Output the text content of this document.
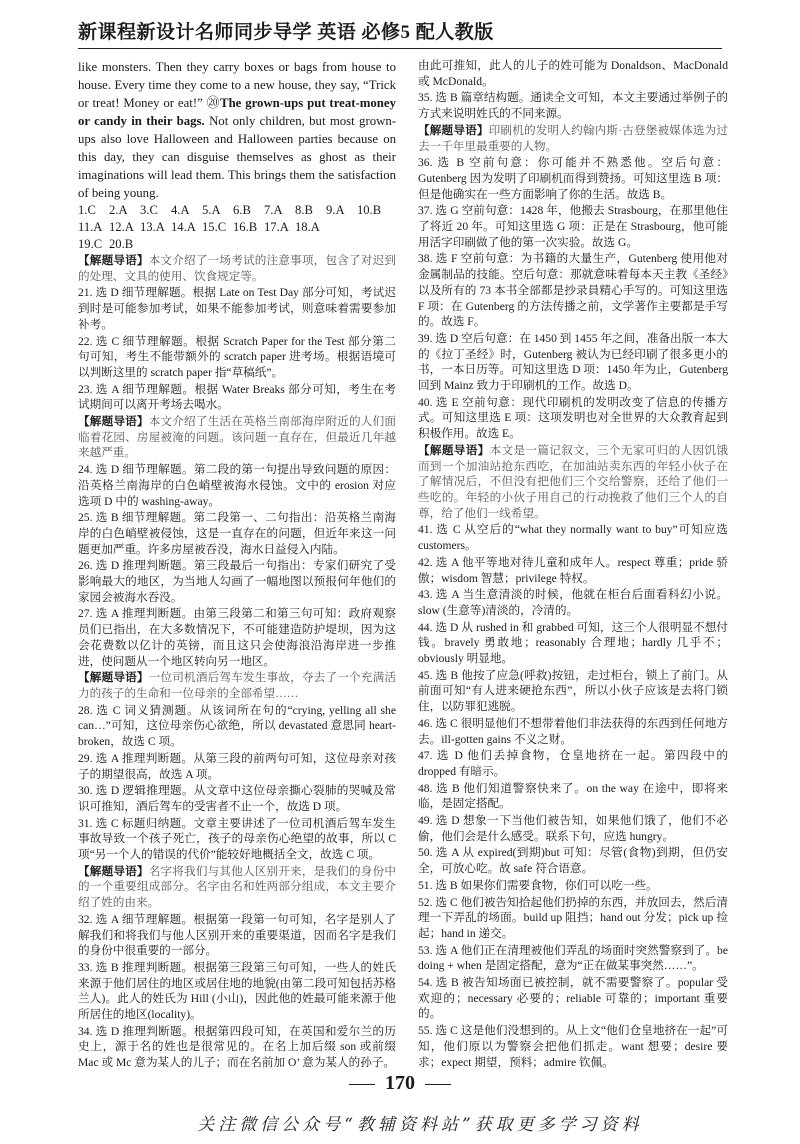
新课程新设计名师同步导学 英语 必修5 配人教版

like monsters. Then they carry boxes or bags from house to house. Every time they come to a new house, they say, “Trick or treat! Money or eat!” ⑳The grown-ups put treat-money or candy in their bags. Not only children, but most grown-ups also love Halloween and Halloween parties because on this day, they can disguise themselves as ghost as their imaginations will lead them. This brings them the satisfaction of being young.

1.C 2.A 3.C 4.A 5.A 6.B 7.A 8.B 9.A 10.B
11.A 12.A 13.A 14.A 15.C 16.B 17.A 18.A
19.C 20.B

【解题导语】本文介绍了一场考试的注意事项，包含了对迟到的处理、文具的使用、饮食规定等。

21. 选 D 细节理解题。根据 Late on Test Day 部分可知，考试迟到时是可能参加考试，如果不能参加考试，则意味着需要参加补考。

22. 选 C 细节理解题。根据 Scratch Paper for the Test 部分第二句可知，考生不能带额外的 scratch paper 进考场。根据语境可以判断这里的 scratch paper 指“草稿纸”。

23. 选 A 细节理解题。根据 Water Breaks 部分可知，考生在考试期间可以离开考场去喝水。

【解题导语】本文介绍了生活在英格兰南部海岸附近的人们面临着花园、房屋被淹的问题。该问题一直存在，但最近几年越来越严重。

24. 选 D 细节理解题。第二段的第一句提出导致问题的原因：沿英格兰南海岸的白色峭壁被海水侵蚀。文中的 erosion 对应选项 D 中的 washing-away。

25. 选 B 细节理解题。第二段第一、二句指出：沿英格兰南海岸的白色峭壁被侵蚀，这是一直存在的问题，但近年来这一问题更加严重。许多房屋被吞没，海水日益侵入内陆。

26. 选 D 推理判断题。第三段最后一句指出：专家们研究了受影响最大的地区，为当地人勾画了一幅地图以预报何年他们的家园会被海水吞没。

27. 选 A 推理判断题。由第三段第二和第三句可知：政府观察员们已指出，在大多数情况下，不可能建造防护堤坝，因为这会花费数以亿计的英镑，而且这只会使海浪沿海岸进一步推进，使问题从一个地区转向另一地区。

【解题导语】一位司机酒后驾车发生事故，夺去了一个充满活力的孩子的生命和一位母亲的全部希望……

28. 选 C 词义猜测题。从该词所在句的“crying, yelling all she can…”可知，这位母亲伤心欲绝，所以 devastated 意思同 heart-broken，故选 C 项。

29. 选 A 推理判断题。从第三段的前两句可知，这位母亲对孩子的期望很高，故选 A 项。

30. 选 D 逻辑推理题。从文章中这位母亲撕心裂肺的哭喊及常识可推知，酒后驾车的受害者不止一个，故选 D 项。

31. 选 C 标题归纳题。文章主要讲述了一位司机酒后驾车发生事故导致一个孩子死亡，孩子的母亲伤心绝望的故事，所以 C 项“另一个人的错误的代价”能较好地概括全文，故选 C 项。

【解题导语】名字将我们与其他人区别开来，是我们的身份中的一个重要组成部分。名字由名和姓两部分组成，本文主要介绍了姓的由来。

32. 选 A 细节理解题。根据第一段第一句可知，名字是别人了解我们和将我们与他人区别开来的重要渠道，因而名字是我们的身份中很重要的一部分。

33. 选 B 推理判断题。根据第三段第三句可知，一些人的姓氏来源于他们居住的地区或居住地的地貌(由第二段可知包括苏格兰人)。此人的姓氏为 Hill (小山)，因此他的姓最可能来源于他所居住的地区(locality)。

34. 选 D 推理判断题。根据第四段可知，在英国和爱尔兰的历史上，源于名的姓也是很常见的。在名上加后缀 son 或前缀 Mac 或 Mc 意为某人的儿子；而在名前加 O’ 意为某人的孙子。

由此可推知，此人的儿子的姓可能为 Donaldson、MacDonald 或 McDonald。

35. 选 B 篇章结构题。通读全文可知，本文主要通过举例子的方式来说明姓氏的不同来源。

【解题导语】印刷机的发明人约翰内斯·古登堡被媒体选为过去一千年里最重要的人物。

36. 选 B 空前句意：你可能并不熟悉他。空后句意：Gutenberg 因为发明了印刷机而得到赞扬。可知这里选 B 项：但是他确实在一些方面影响了你的生活。故选 B。

37. 选 G 空前句意：1428 年，他搬去 Strasbourg，在那里他住了将近 20 年。可知这里选 G 项：正是在 Strasbourg，他可能用活字印刷做了他的第一次实验。故选 G。

38. 选 F 空前句意：为书籍的大量生产，Gutenberg 使用他对金属制品的技能。空后句意：那就意味着每本天主教《圣经》以及所有的 73 本书全部都是抄录員精心手写的。可知这里选 F 项：在 Gutenberg 的方法传播之前，文学著作主要都是手写的。故选 F。

39. 选 D 空后句意：在 1450 到 1455 年之间，准备出版一本大的《拉丁圣经》时，Gutenberg 被认为已经印刷了很多更小的书，一本日历等。可知这里选 D 项：1450 年为止，Gutenberg 回到 Mainz 致力于印刷机的工作。故选 D。

40. 选 E 空前句意：现代印刷机的发明改变了信息的传播方式。可知这里选 E 项：这项发明也对全世界的大众教育起到积极作用。故选 E。

【解题导语】本文是一篇记叙文，三个无家可归的人因饥饿而到一个加油站抢东西吃，在加油站卖东西的年轻小伙子在了解情况后，不但没有把他们三个交给警察，还给了他们一些吃的。年轻的小伙子用自己的行动挽救了他们三个人的自尊，给了他们一线希望。

41. 选 C 从空后的“what they normally want to buy”可知应选 customers。

42. 选 A 他平等地对待儿童和成年人。respect 尊重；pride 骄傲；wisdom 智慧；privilege 特权。

43. 选 A 当生意清淡的时候，他就在柜台后面看科幻小说。slow (生意等)清淡的，冷清的。

44. 选 D 从 rushed in 和 grabbed 可知，这三个人很明显不想付钱。bravely 勇敢地；reasonably 合理地；hardly 几乎不；obviously 明显地。

45. 选 B 他按了应急(呼救)按钮，走过柜台，锁上了前门。从前面可知“有人进来硬抢东西”，所以小伙子应该是去将门锁住，以防罪犯逃脱。

46. 选 C 很明显他们不想带着他们非法获得的东西到任何地方去。ill-gotten gains 不义之财。

47. 选 D 他们丢掉食物，仓皇地挤在一起。第四段中的 dropped 有暗示。

48. 选 B 他们知道警察快来了。on the way 在途中，即将来临，是固定搭配。

49. 选 D 想象一下当他们被告知，如果他们饿了，他们不必偷，他们会是什么感受。联系下句，应选 hungry。

50. 选 A 从 expired(到期)but 可知：尽管(食物)到期，但仍安全，可放心吃。故 safe 符合语意。

51. 选 B 如果你们需要食物，你们可以吃一些。

52. 选 C 他们被告知拾起他们扔掉的东西，并放回去，然后清理一下弄乱的场面。build up 阻挡；hand out 分发；pick up 捡起；hand in 递交。

53. 选 A 他们正在清理被他们弄乱的场面时突然警察到了。be doing + when 是固定搭配，意为“正在做某事突然……”。

54. 选 B 被告知场面已被控制，就不需要警察了。popular 受欢迎的；necessary 必要的；reliable 可靠的；important 重要的。

55. 选 C 这是他们没想到的。从上文“他们仓皇地挤在一起”可知，他们原以为警察会把他们抓走。want 想要；desire 要求；expect 期望，预料；admire 钦佩。

170
关注微信公众号“教辅资料站”获取更多学习资料
